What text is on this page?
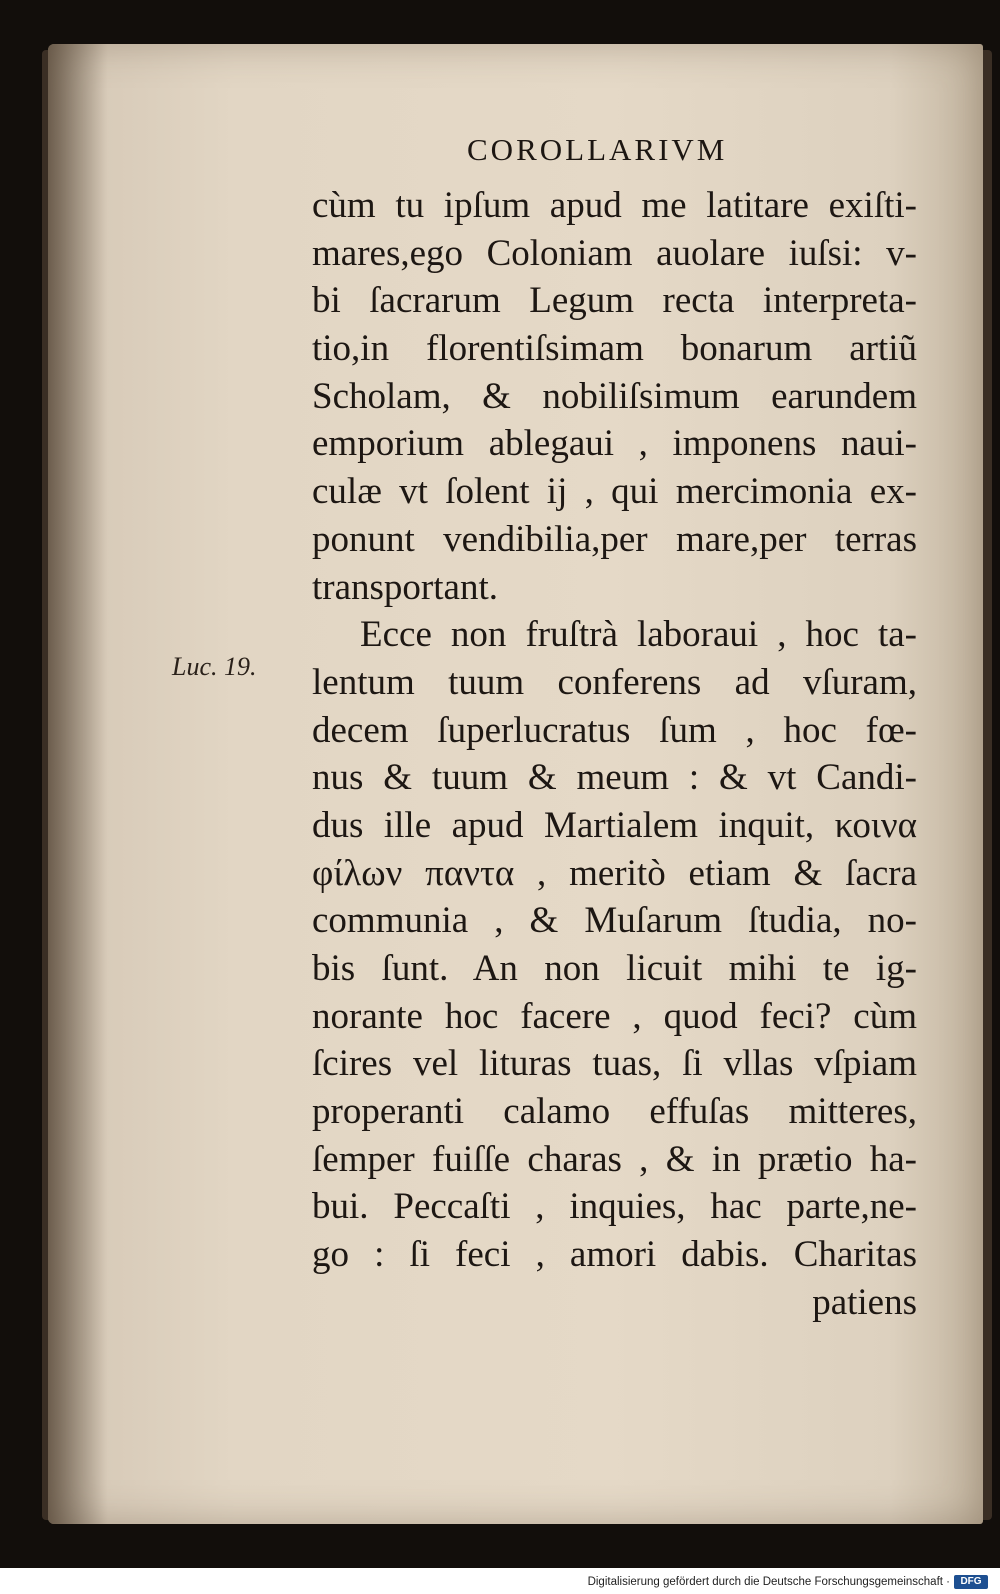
COROLLARIVM
Luc. 19.
cùm tu ipſum apud me latitare exiſti-
mares,ego Coloniam auolare iuſsi: v-
bi ſacrarum Legum recta interpreta-
tio,in florentiſsimam bonarum artiũ
Scholam, & nobiliſsimum earundem
emporium ablegaui , imponens naui-
culæ vt ſolent ij , qui mercimonia ex-
ponunt vendibilia,per mare,per terras
transportant.
Ecce non fruſtrà laboraui , hoc ta-
lentum tuum conferens ad vſuram,
decem ſuperlucratus ſum , hoc fœ-
nus & tuum & meum : & vt Candi-
dus ille apud Martialem inquit, κοινα
φίλων παντα , meritò etiam & ſacra
communia , & Muſarum ſtudia, no-
bis ſunt. An non licuit mihi te ig-
norante hoc facere , quod feci? cùm
ſcires vel lituras tuas, ſi vllas vſpiam
properanti calamo effuſas mitteres,
ſemper fuiſſe charas , & in prætio ha-
bui. Peccaſti , inquies, hac parte,ne-
go : ſi feci , amori dabis. Charitas
patiens
Digitalisierung gefördert durch die Deutsche Forschungsgemeinschaft ·	DFG
